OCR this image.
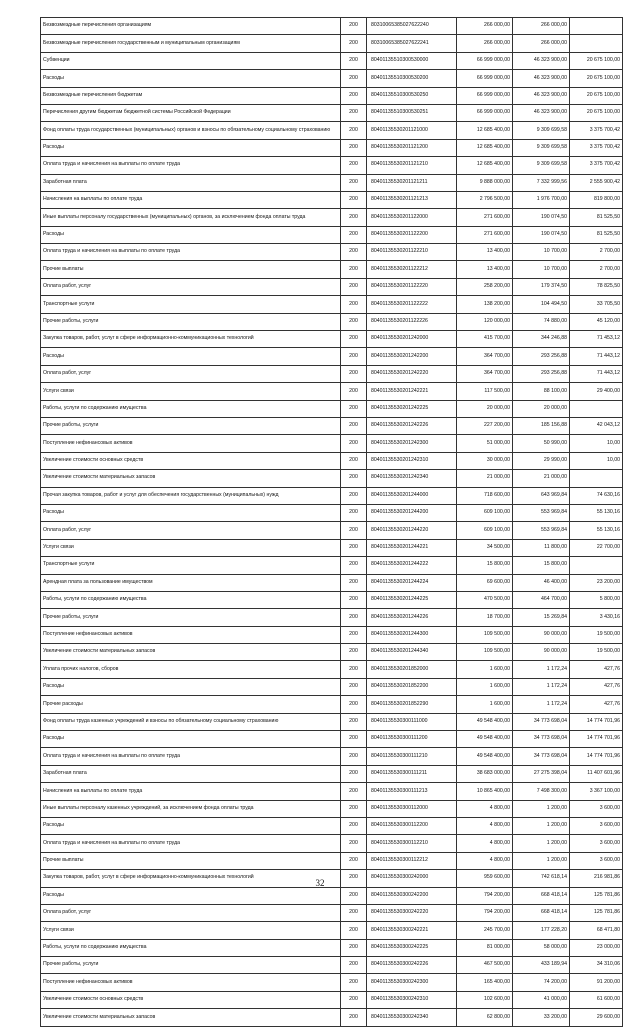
Безвозмездные перечисления организациям	200	80310065385027622240	266 000,00	266 000,00	
Безвозмездные перечисления государственным и муниципальным организациям	200	80310065385027622241	266 000,00	266 000,00	
Субвенции	200	80401135510300530000	66 999 000,00	46 323 900,00	20 675 100,00
Расходы	200	80401135510300530200	66 999 000,00	46 323 900,00	20 675 100,00
Безвозмездные перечисления бюджетам	200	80401135510300530250	66 999 000,00	46 323 900,00	20 675 100,00
Перечисления другим бюджетам бюджетной системы Российской Федерации	200	80401135510300530251	66 999 000,00	46 323 900,00	20 675 100,00
Фонд оплаты труда государственных (муниципальных) органов и взносы по обязательному социальному страхованию	200	80401135530201121000	12 685 400,00	9 309 699,58	3 375 700,42
Расходы	200	80401135530201121200	12 685 400,00	9 309 699,58	3 375 700,42
Оплата труда и начисления на выплаты по оплате труда	200	80401135530201121210	12 685 400,00	9 309 699,58	3 375 700,42
Заработная плата	200	80401135530201121211	9 888 000,00	7 332 999,56	2 555 900,42
Начисления на выплаты по оплате труда	200	80401135530201121213	2 796 500,00	1 976 700,00	819 800,00
Иные выплаты персоналу государственных (муниципальных) органов, за исключением фонда оплаты труда	200	80401135530201122000	271 600,00	190 074,50	81 525,50
Расходы	200	80401135530201122200	271 600,00	190 074,50	81 525,50
Оплата труда и начисления на выплаты по оплате труда	200	80401135530201122210	13 400,00	10 700,00	2 700,00
Прочие выплаты	200	80401135530201122212	13 400,00	10 700,00	2 700,00
Оплата работ, услуг	200	80401135530201122220	258 200,00	179 374,50	78 825,50
Транспортные услуги	200	80401135530201122222	138 200,00	104 494,50	33 705,50
Прочие работы, услуги	200	80401135530201122226	120 000,00	74 880,00	45 120,00
Закупка товаров, работ, услуг в сфере информационно-коммуникационных технологий	200	80401135530201242000	415 700,00	344 246,88	71 453,12
Расходы	200	80401135530201242200	364 700,00	293 256,88	71 443,12
Оплата работ, услуг	200	80401135530201242220	364 700,00	293 256,88	71 443,12
Услуги связи	200	80401135530201242221	117 500,00	88 100,00	29 400,00
Работы, услуги по содержанию имущества	200	80401135530201242225	20 000,00	20 000,00	
Прочие работы, услуги	200	80401135530201242226	227 200,00	185 156,88	42 043,12
Поступление нефинансовых активов	200	80401135530201242300	51 000,00	50 990,00	10,00
Увеличение стоимости основных средств	200	80401135530201242310	30 000,00	29 990,00	10,00
Увеличение стоимости материальных запасов	200	80401135530201242340	21 000,00	21 000,00	
Прочая закупка товаров, работ и услуг для обеспечения государственных (муниципальных) нужд	200	80401135530201244000	718 600,00	643 969,84	74 630,16
Расходы	200	80401135530201244200	609 100,00	553 969,84	55 130,16
Оплата работ, услуг	200	80401135530201244220	609 100,00	553 969,84	55 130,16
Услуги связи	200	80401135530201244221	34 500,00	11 800,00	22 700,00
Транспортные услуги	200	80401135530201244222	15 800,00	15 800,00	
Арендная плата за пользование имуществом	200	80401135530201244224	69 600,00	46 400,00	23 200,00
Работы, услуги по содержанию имущества	200	80401135530201244225	470 500,00	464 700,00	5 800,00
Прочие работы, услуги	200	80401135530201244226	18 700,00	15 269,84	3 430,16
Поступление нефинансовых активов	200	80401135530201244300	109 500,00	90 000,00	19 500,00
Увеличение стоимости материальных запасов	200	80401135530201244340	109 500,00	90 000,00	19 500,00
Уплата прочих налогов, сборов	200	80401135530201852000	1 600,00	1 172,24	427,76
Расходы	200	80401135530201852200	1 600,00	1 172,24	427,76
Прочие расходы	200	80401135530201852290	1 600,00	1 172,24	427,76
Фонд оплаты труда казенных учреждений и взносы по обязательному социальному страхованию	200	80401135530300111000	49 548 400,00	34 773 698,04	14 774 701,96
Расходы	200	80401135530300111200	49 548 400,00	34 773 698,04	14 774 701,96
Оплата труда и начисления на выплаты по оплате труда	200	80401135530300111210	49 548 400,00	34 773 698,04	14 774 701,96
Заработная плата	200	80401135530300111211	38 683 000,00	27 275 398,04	11 407 601,96
Начисления на выплаты по оплате труда	200	80401135530300111213	10 865 400,00	7 498 300,00	3 367 100,00
Иные выплаты персоналу казенных учреждений, за исключением фонда оплаты труда	200	80401135530300112000	4 800,00	1 200,00	3 600,00
Расходы	200	80401135530300112200	4 800,00	1 200,00	3 600,00
Оплата труда и начисления на выплаты по оплате труда	200	80401135530300112210	4 800,00	1 200,00	3 600,00
Прочие выплаты	200	80401135530300112212	4 800,00	1 200,00	3 600,00
Закупка товаров, работ, услуг в сфере информационно-коммуникационных технологий	200	80401135530300242000	959 600,00	742 618,14	216 981,86
Расходы	200	80401135530300242200	794 200,00	668 418,14	125 781,86
Оплата работ, услуг	200	80401135530300242220	794 200,00	668 418,14	125 781,86
Услуги связи	200	80401135530300242221	245 700,00	177 228,20	68 471,80
Работы, услуги по содержанию имущества	200	80401135530300242225	81 000,00	58 000,00	23 000,00
Прочие работы, услуги	200	80401135530300242226	467 500,00	433 189,94	34 310,06
Поступление нефинансовых активов	200	80401135530300242300	165 400,00	74 200,00	91 200,00
Увеличение стоимости основных средств	200	80401135530300242310	102 600,00	41 000,00	61 600,00
Увеличение стоимости материальных запасов	200	80401135530300242340	62 800,00	33 200,00	29 600,00
32
